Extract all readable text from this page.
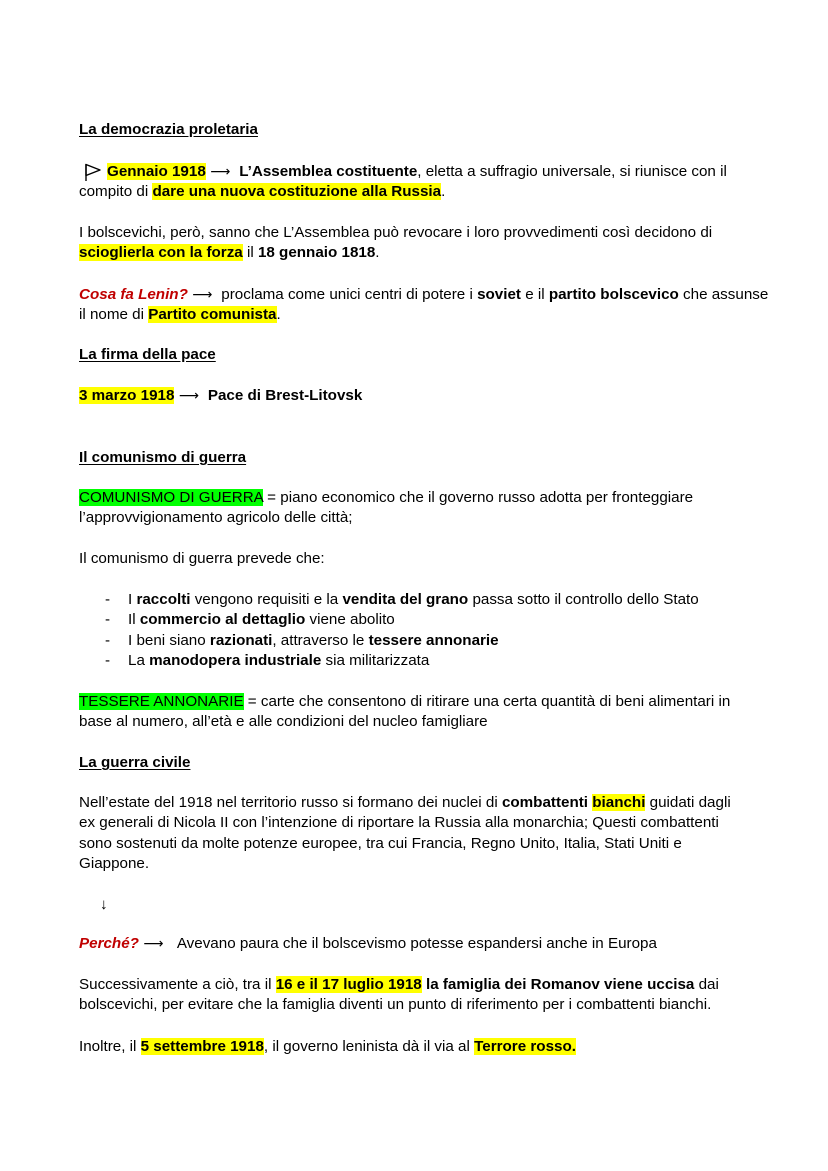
La democrazia proletaria
Gennaio 1918 ⟶  L’Assemblea costituente, eletta a suffragio universale, si riunisce con il
compito di dare una nuova costituzione alla Russia.
I bolscevichi, però, sanno che L’Assemblea può revocare i loro provvedimenti così decidono di
scioglierla con la forza il 18 gennaio 1818.
Cosa fa Lenin? ⟶  proclama come unici centri di potere i soviet e il partito bolscevico che assunse
il nome di Partito comunista.
La firma della pace
3 marzo 1918 ⟶  Pace di Brest-Litovsk
Il comunismo di guerra
COMUNISMO DI GUERRA = piano economico che il governo russo adotta per fronteggiare
l’approvvigionamento agricolo delle città;
Il comunismo di guerra prevede che:
- I raccolti vengono requisiti e la vendita del grano passa sotto il controllo dello Stato
- Il commercio al dettaglio viene abolito
- I beni siano razionati, attraverso le tessere annonarie
- La manodopera industriale sia militarizzata
TESSERE ANNONARIE = carte che consentono di ritirare una certa quantità di beni alimentari in
base al numero, all’età e alle condizioni del nucleo famigliare
La guerra civile
Nell’estate del 1918 nel territorio russo si formano dei nuclei di combattenti bianchi guidati dagli
ex generali di Nicola II con l’intenzione di riportare la Russia alla monarchia; Questi combattenti
sono sostenuti da molte potenze europee, tra cui Francia, Regno Unito, Italia, Stati Uniti e
Giappone.
↓
Perché? ⟶   Avevano paura che il bolscevismo potesse espandersi anche in Europa
Successivamente a ciò, tra il 16 e il 17 luglio 1918 la famiglia dei Romanov viene uccisa dai
bolscevichi, per evitare che la famiglia diventi un punto di riferimento per i combattenti bianchi.
Inoltre, il 5 settembre 1918, il governo leninista dà il via al Terrore rosso.
